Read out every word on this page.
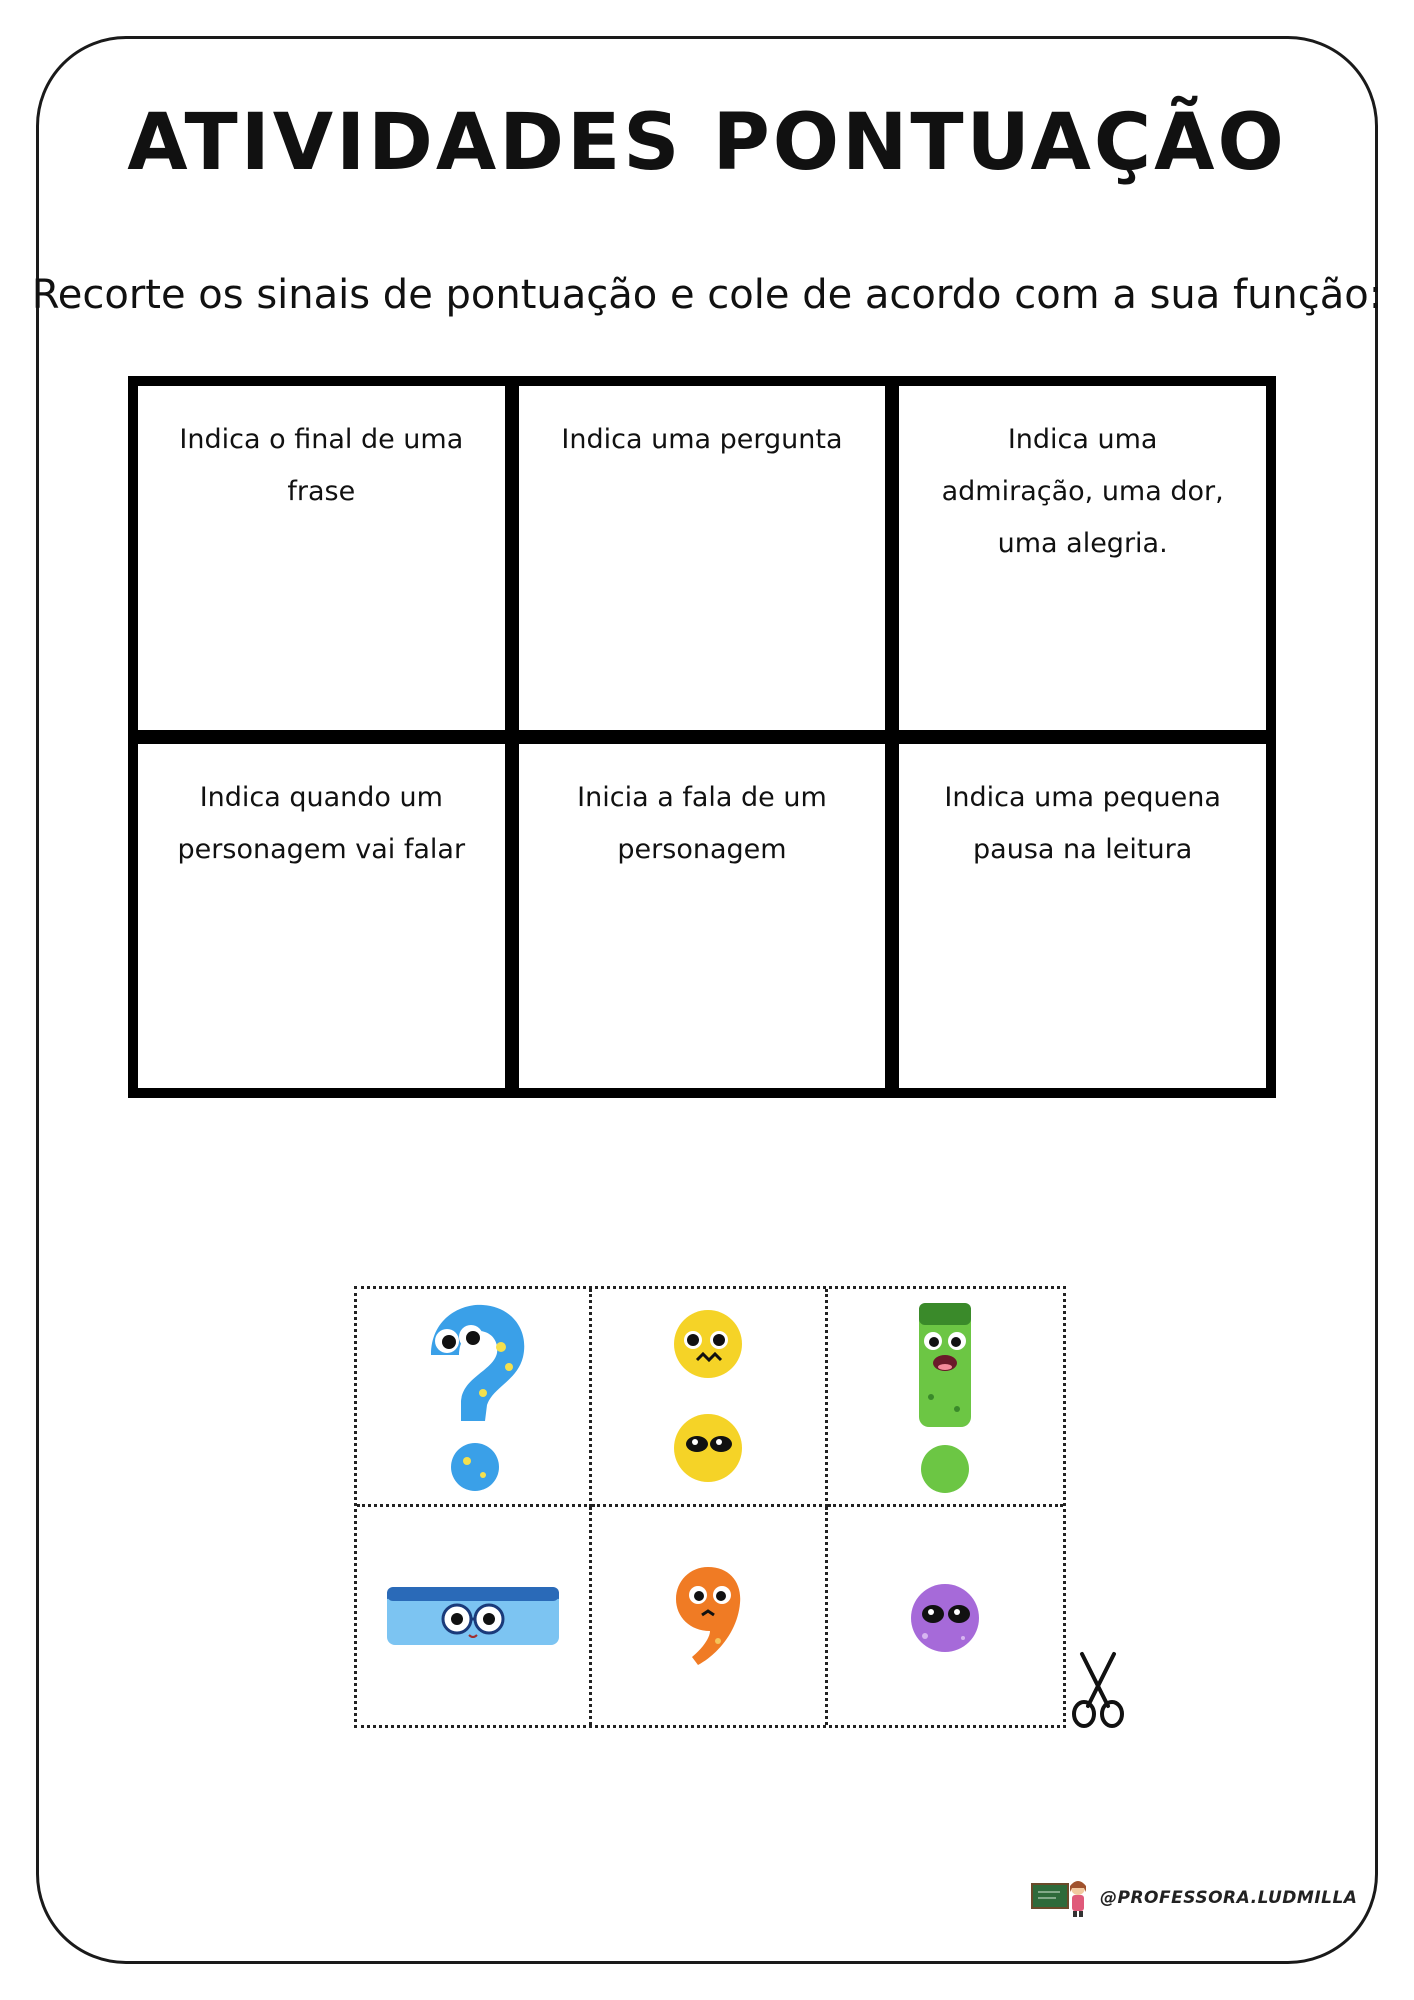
ATIVIDADES PONTUAÇÃO
Recorte os sinais de pontuação e cole de acordo com a sua função:
Indica o final de uma frase
Indica uma pergunta	Indica uma admiração, uma dor, uma alegria.
Indica quando um personagem vai falar
Inicia a fala de um personagem
Indica uma pequena pausa na leitura
@PROFESSORA.LUDMILLA
